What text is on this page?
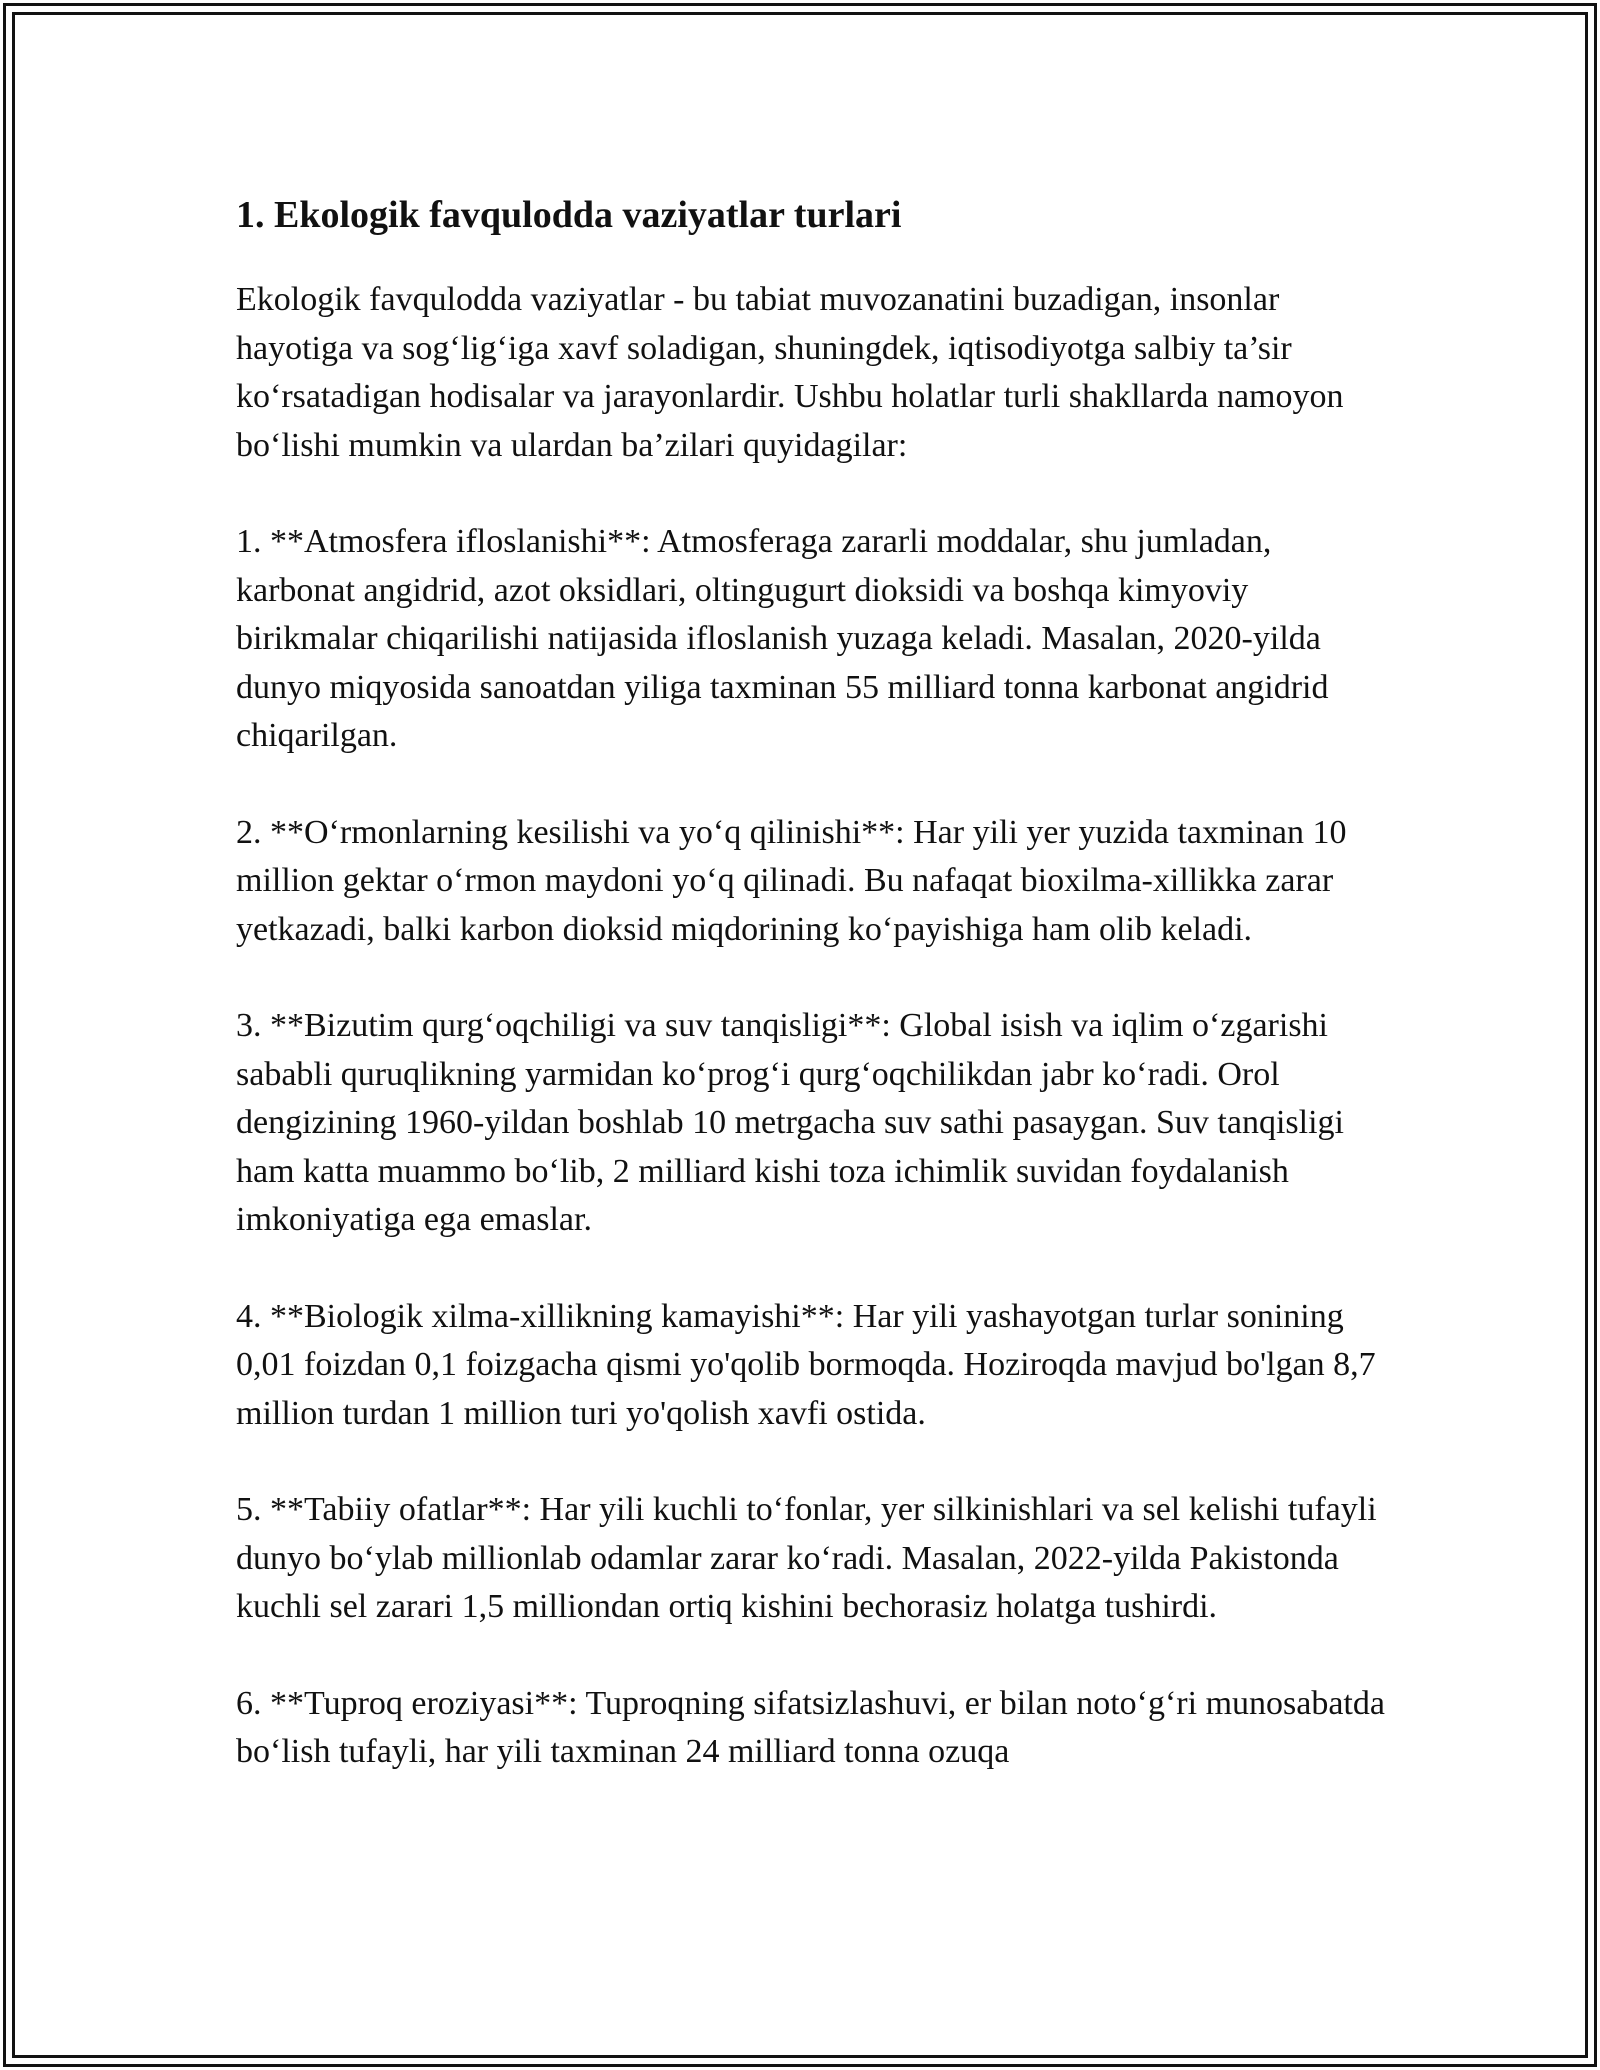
1. Ekologik favqulodda vaziyatlar turlari

Ekologik favqulodda vaziyatlar - bu tabiat muvozanatini buzadigan, insonlar hayotiga va sog‘lig‘iga xavf soladigan, shuningdek, iqtisodiyotga salbiy ta’sir ko‘rsatadigan hodisalar va jarayonlardir. Ushbu holatlar turli shakllarda namoyon bo‘lishi mumkin va ulardan ba’zilari quyidagilar:

1. **Atmosfera ifloslanishi**: Atmosferaga zararli moddalar, shu jumladan, karbonat angidrid, azot oksidlari, oltingugurt dioksidi va boshqa kimyoviy birikmalar chiqarilishi natijasida ifloslanish yuzaga keladi. Masalan, 2020-yilda dunyo miqyosida sanoatdan yiliga taxminan 55 milliard tonna karbonat angidrid chiqarilgan.

2. **O‘rmonlarning kesilishi va yo‘q qilinishi**: Har yili yer yuzida taxminan 10 million gektar o‘rmon maydoni yo‘q qilinadi. Bu nafaqat bioxilma-xillikka zarar yetkazadi, balki karbon dioksid miqdorining ko‘payishiga ham olib keladi.

3. **Bizutim qurg‘oqchiligi va suv tanqisligi**: Global isish va iqlim o‘zgarishi sababli quruqlikning yarmidan ko‘prog‘i qurg‘oqchilikdan jabr ko‘radi. Orol dengizining 1960-yildan boshlab 10 metrgacha suv sathi pasaygan. Suv tanqisligi ham katta muammo bo‘lib, 2 milliard kishi toza ichimlik suvidan foydalanish imkoniyatiga ega emaslar.

4. **Biologik xilma-xillikning kamayishi**: Har yili yashayotgan turlar sonining 0,01 foizdan 0,1 foizgacha qismi yo'qolib bormoqda. Hoziroqda mavjud bo'lgan 8,7 million turdan 1 million turi yo'qolish xavfi ostida.

5. **Tabiiy ofatlar**: Har yili kuchli to‘fonlar, yer silkinishlari va sel kelishi tufayli dunyo bo‘ylab millionlab odamlar zarar ko‘radi. Masalan, 2022-yilda Pakistonda kuchli sel zarari 1,5 milliondan ortiq kishini bechorasiz holatga tushirdi.

6. **Tuproq eroziyasi**: Tuproqning sifatsizlashuvi, er bilan noto‘g‘ri munosabatda bo‘lish tufayli, har yili taxminan 24 milliard tonna ozuqa
